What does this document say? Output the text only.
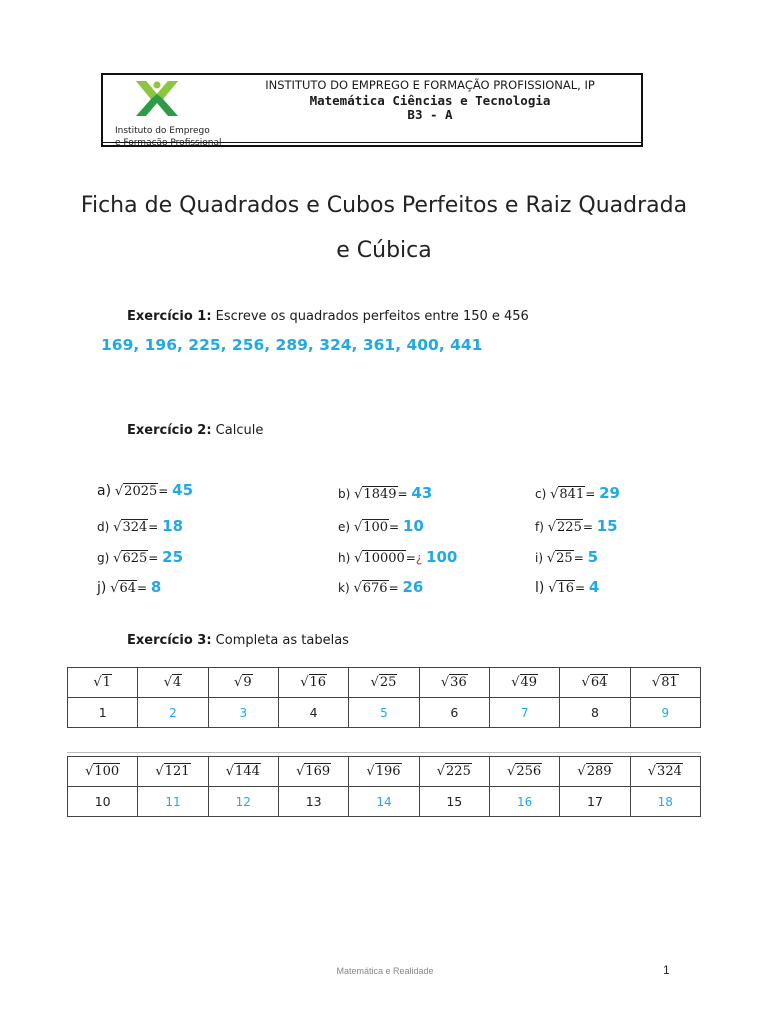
Instituto do Emprego
e Formação Profissional
INSTITUTO DO EMPREGO E FORMAÇÃO PROFISSIONAL, IP
Matemática Ciências e Tecnologia
B3 - A
Ficha de Quadrados e Cubos Perfeitos e Raiz Quadrada
e Cúbica
Exercício 1: Escreve os quadrados perfeitos entre 150 e 456
169, 196, 225, 256, 289, 324, 361, 400, 441
Exercício 2: Calcule
a) √2025= 45	b) √1849= 43	c) √841= 29
d) √324= 18	e) √100= 10	f) √225= 15
g) √625= 25	h) √10000=¿ 100	i) √25= 5
j) √64= 8	k) √676= 26	l) √16= 4
Exercício 3: Completa as tabelas
√1	√4	√9	√16	√25	√36	√49	√64	√81
1	2	3	4	5	6	7	8	9
√100	√121	√144	√169	√196	√225	√256	√289	√324
10	11	12	13	14	15	16	17	18
Matemática e Realidade	1
